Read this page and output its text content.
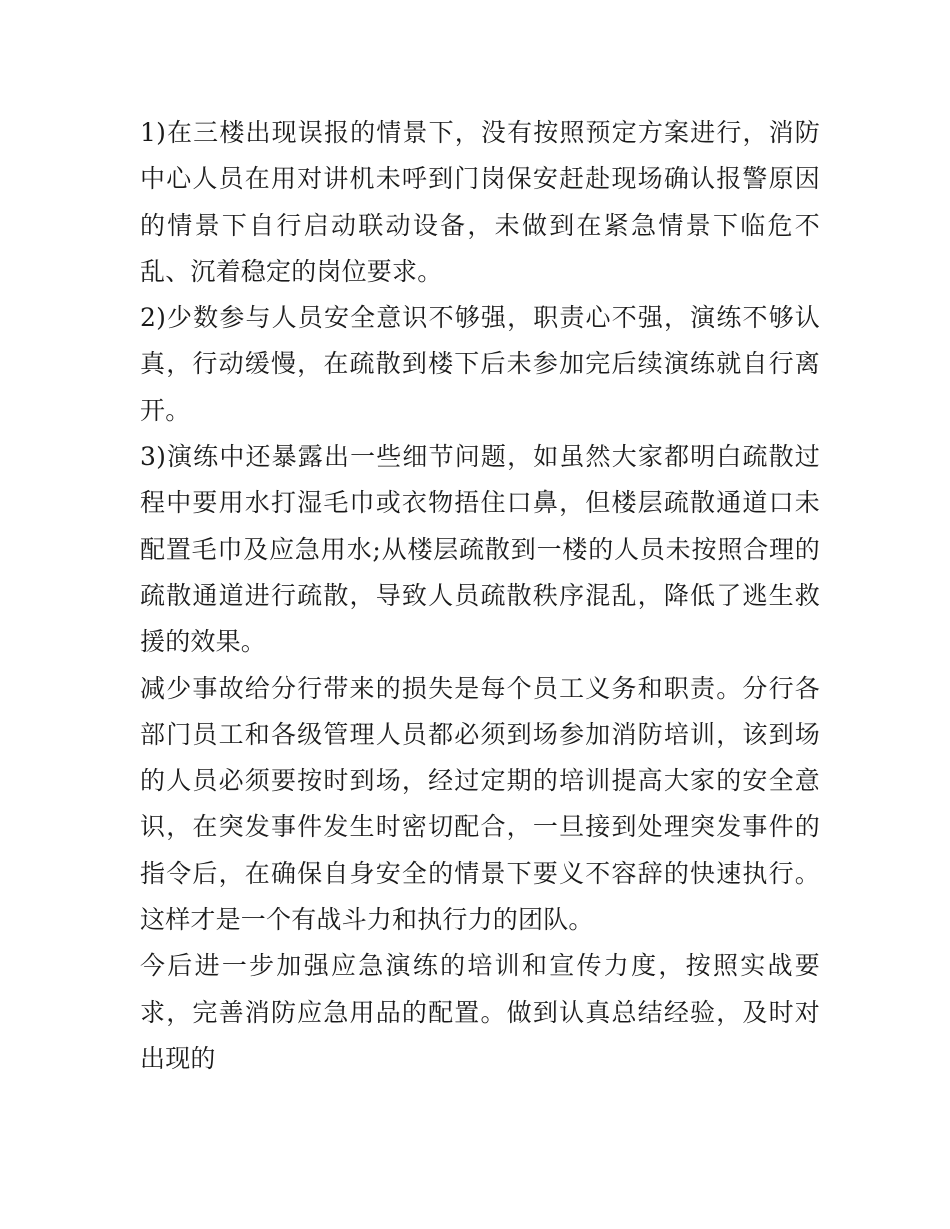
1)在三楼出现误报的情景下，没有按照预定方案进行，消防中心人员在用对讲机未呼到门岗保安赶赴现场确认报警原因的情景下自行启动联动设备，未做到在紧急情景下临危不乱、沉着稳定的岗位要求。

2)少数参与人员安全意识不够强，职责心不强，演练不够认真，行动缓慢，在疏散到楼下后未参加完后续演练就自行离开。

3)演练中还暴露出一些细节问题，如虽然大家都明白疏散过程中要用水打湿毛巾或衣物捂住口鼻，但楼层疏散通道口未配置毛巾及应急用水;从楼层疏散到一楼的人员未按照合理的疏散通道进行疏散，导致人员疏散秩序混乱，降低了逃生救援的效果。

减少事故给分行带来的损失是每个员工义务和职责。分行各部门员工和各级管理人员都必须到场参加消防培训，该到场的人员必须要按时到场，经过定期的培训提高大家的安全意识，在突发事件发生时密切配合，一旦接到处理突发事件的指令后，在确保自身安全的情景下要义不容辞的快速执行。这样才是一个有战斗力和执行力的团队。

今后进一步加强应急演练的培训和宣传力度，按照实战要求，完善消防应急用品的配置。做到认真总结经验，及时对出现的
